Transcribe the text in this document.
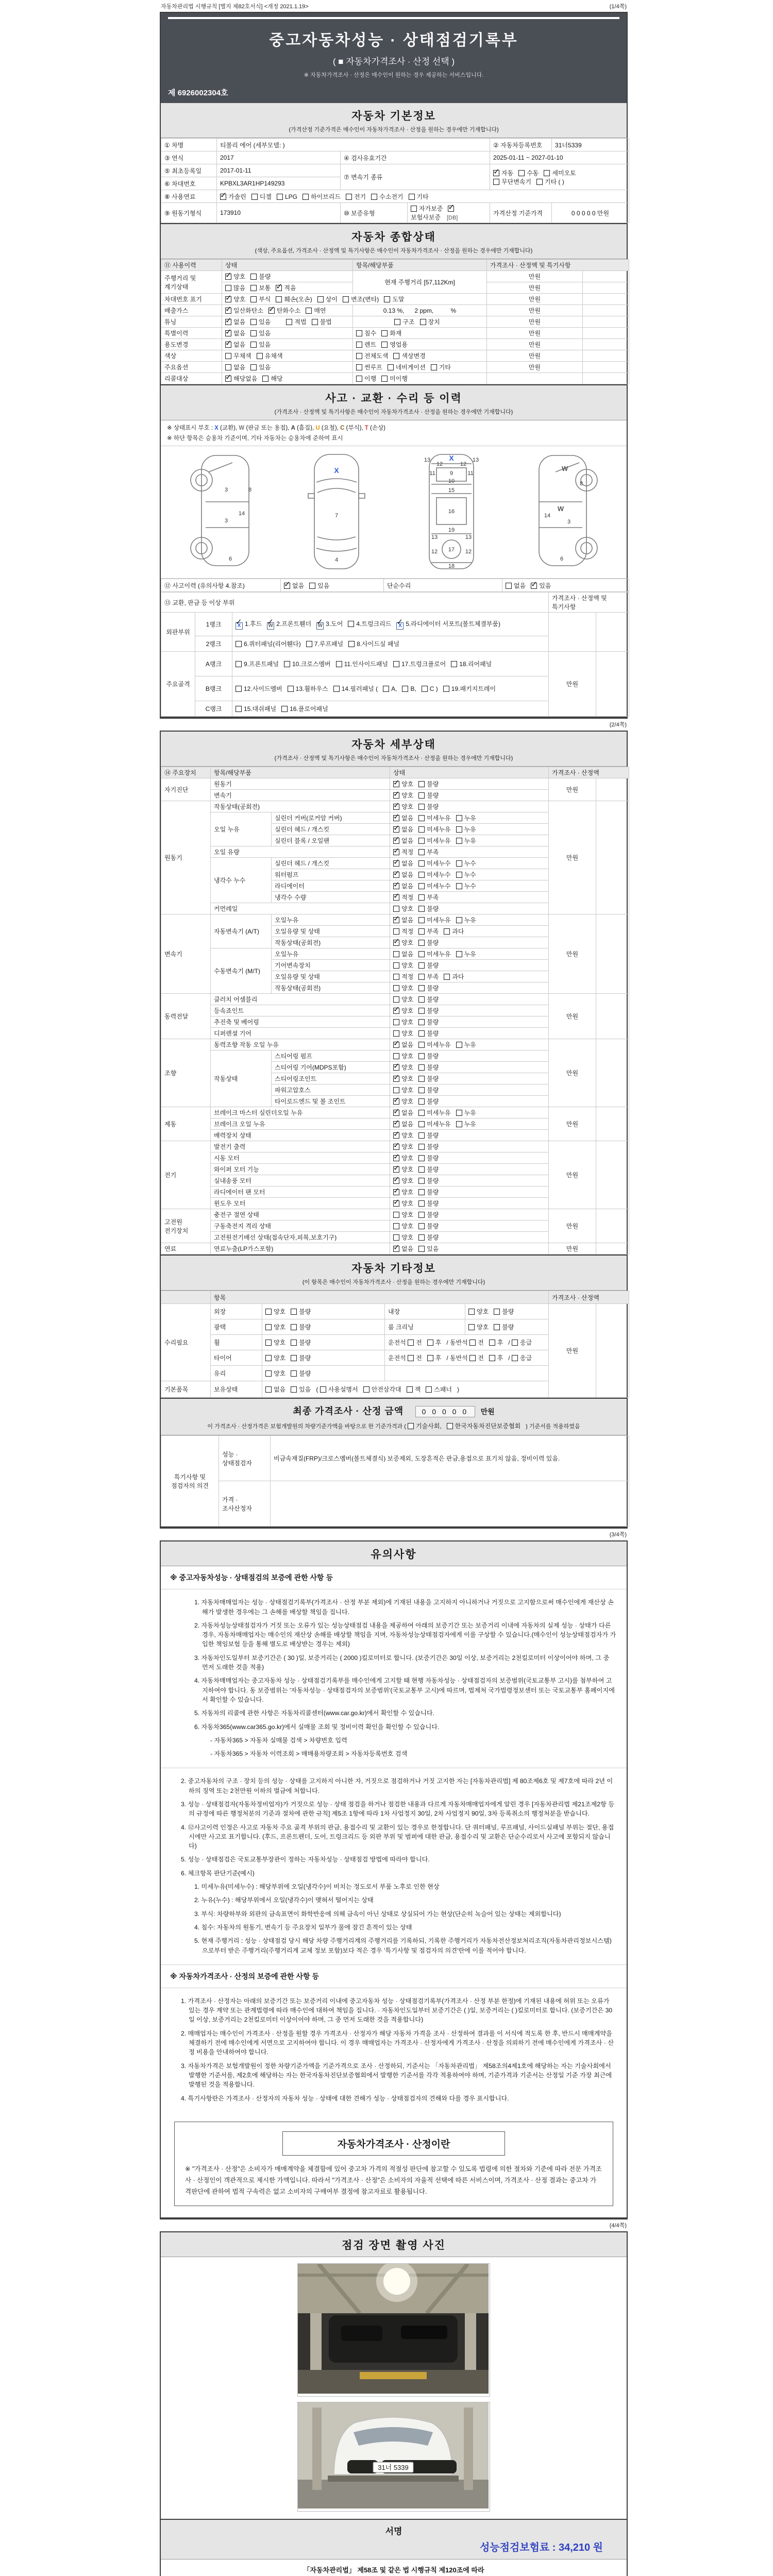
자동차관리법 시행규칙 [별지 제82호서식] <개정 2021.1.19>	(1/4쪽)
중고자동차성능 · 상태점검기록부
( ■ 자동차가격조사 · 산정 선택 )
※ 자동차가격조사 · 산정은 매수인이 원하는 경우 제공하는 서비스입니다.
제 6926002304호
자동차 기본정보
(가격산정 기준가격은 매수인이 자동차가격조사 · 산정을 원하는 경우에만 기재합니다)
① 차명	티볼리 에어 (세부모델: )			② 자동차등록번호	31너5339
③ 연식	2017	④ 검사유효기간		2025-01-11 ~ 2027-01-10	
⑤ 최초등록일	2017-01-11	⑦ 변속기 종류	
✓자동 수동 세미오토
무단변속기 기타 ( )

⑥ 차대번호	KPBXL3AR1HP149293				
⑧ 사용연료	✓가솔린 디젤 LPG 하이브리드 전기 수소전기 기타
⑨ 원동기형식	173910	⑩ 보증유형	자가보증✓보험사보증 [DB]	가격산정 기준가격	0 0 0 0 0 만원
자동차 종합상태
(색상, 주요옵션, 가격조사 · 산정액 및 특기사항은 매수인이 자동차가격조사 · 산정을 원하는 경우에만 기재합니다)
⑪ 사용이력	상태	항목/해당부품	가격조사 · 산정액 및 특기사항	
주행거리 및 계기상태	✓양호 불량	현재 주행거리 [57,112Km]	만원	
	많음 보통 ✓ 적음		만원	
차대번호 표기	✓양호 부식 훼손(오손) 상이 변조(변타) 도말		만원	
배출가스	✓일산화탄소 ✓ 탄화수소 매연	0.13 %,      2 ppm,          %	만원	
튜닝	✓없음 있음 적법 불법	구조 장치	만원	
특별이력	✓없음 있음	침수 화재	만원	
용도변경	✓없음 있음	렌트 영업용	만원	
색상	무채색 유채색	전체도색 색상변경	만원	
주요옵션	없음 있음	썬루프 네비게이션 기타	만원	
리콜대상	✓해당없음 해당	이행 미이행		
사고 · 교환 · 수리 등 이력
(가격조사 · 산정액 및 특기사항은 매수인이 자동차가격조사 · 산정을 원하는 경우에만 기재합니다)
※ 상태표시 부호 : X (교환), W (판금 또는 용접), A (흠집), U (요철), C (부식), T (손상)
※ 하단 항목은 승용차 기준이며, 기타 자동차는 승용차에 준하여 표시
8
3
14
3
6
X
7
4
X
13
12	12
13
9
11	11
10
15
16
19
13	13
12	12
17
18
W
8
W
14
3
6
⑫ 사고이력 (유의사항 4.참조)	✓없음 있음	단순수리	없음 ✓ 있음
⑬ 교환, 판금 등 이상 부위			가격조사 · 산정액 및 특기사항	
외판부위	1랭크	X ✓ 1.후드 W ✓ 2.프론트휀더 W ✓ 3.도어 4.트렁크리드 X ✓ 5.라디에이터 서포트(볼트체결부품)		
	2랭크	6.쿼터패널(리어휀다) 7.루프패널 8.사이드실 패널		
주요골격	A랭크	9.프론트패널 10.크로스멤버 11.인사이드패널 17.트렁크플로어 18.리어패널	만원	
	B랭크	12.사이드멤버 13.휠하우스 14.필러패널 ( A, B, C ) 19.패키지트레이		
	C랭크	15.대쉬패널 16.플로어패널		
(2/4쪽)
자동차 세부상태
(가격조사 · 산정액 및 특기사항은 매수인이 자동차가격조사 · 산정을 원하는 경우에만 기재합니다)
⑭ 주요장치	항목/해당부품		상태	가격조사 · 산정액	
자기진단	원동기	✓양호 불량	만원	
	변속기	✓양호 불량
원동기	작동상태(공회전)	✓양호 불량	만원	
	오일 누유	실린더 커버(로커암 커버)	✓없음 미세누유 누유
		실린더 헤드 / 개스킷	✓없음 미세누유 누유
		실린더 블록 / 오일팬	✓없음 미세누유 누유
	오일 유량	✓적정 부족
	냉각수 누수	실린더 헤드 / 개스킷	✓없음 미세누수 누수
		워터펌프	✓없음 미세누수 누수
		라디에이터	✓없음 미세누수 누수
		냉각수 수량	✓적정 부족
	커먼레일		양호 불량		
변속기	자동변속기 (A/T)	오일누유	✓없음 미세누유 누유	만원	
		오일유량 및 상태	적정 부족 과다		
		작동상태(공회전)	✓양호 불량
	수동변속기 (M/T)	오일누유	없음 미세누유 누유		
		기어변속장치	양호 불량		
		오일유량 및 상태	적정 부족 과다		
		작동상태(공회전)	양호 불량		
동력전달	클러치 어셈블리		양호 불량	만원	
	등속죠인트	✓양호 불량
	추진축 및 베어링		양호 불량		
	디퍼렌셜 기어		양호 불량		
조향	동력조향 작동 오일 누유	✓없음 미세누유 누유	만원	
	작동상태	스티어링 펌프	양호 불량		
		스티어링 기어(MDPS포함)	✓양호 불량
		스티어링조인트	✓양호 불량
		파워고압호스	양호 불량		
		타이로드엔드 및 볼 조인트	✓양호 불량
제동	브레이크 마스터 실린더오일 누유	✓없음 미세누유 누유	만원	
	브레이크 오일 누유	✓없음 미세누유 누유
	배력장치 상태	✓양호 불량
전기	발전기 출력	✓양호 불량	만원	
	시동 모터	✓양호 불량
	와이퍼 모터 기능	✓양호 불량
	실내송풍 모터	✓양호 불량
	라디에이터 팬 모터	✓양호 불량
	윈도우 모터	✓양호 불량
고전원 전기장치	충전구 절연 상태		양호 불량	만원	
	구동축전지 격리 상태		양호 불량		
	고전원전기배선 상태(접속단자,피복,보호기구)		양호 불량		
연료	연료누출(LP가스포함)	✓없음 있음	만원	
자동차 기타정보
(이 항목은 매수인이 자동차가격조사 · 산정을 원하는 경우에만 기재합니다)
	항목				가격조사 · 산정액	
수리필요	외장	양호 불량	내장	양호 불량	만원	
	광택	양호 불량	룸 크리닝	양호 불량		
	휠	양호 불량	운전석 전 후 / 동반석 전 후 / 응급			
	타이어	양호 불량	운전석 전 후 / 동반석 전 후 / 응급			
	유리	양호 불량				
기본품목	보유상태	없음 있음 ( 사용설명서 안전삼각대 잭 스패너 )				
최종 가격조사 · 산정 금액	0 0 0 0 0 만원
이 가격조사 · 산정가격은 보험개발원의 차량기준가액을 바탕으로 한 기준가격과 ( 기술사회, 한국자동차진단보증협회 ) 기준서를 적용하였음
특기사항 및 점검자의 의견	성능 · 상태점검자	비금속재질(FRP)/크로스멤버(볼트체결식) 보증제외, 도장흔적은 판금,용접으로 표기치 않음, 정비이력 있음.
	가격 · 조사산정자	
(3/4쪽)
유의사항
※ 중고자동차성능 · 상태점검의 보증에 관한 사항 등
1. 자동차매매업자는 성능 · 상태점검기록부(가격조사 · 산정 부분 제외)에 기재된 내용을 고지하지 아니하거나 거짓으로 고지함으로써 매수인에게 재산상 손해가 발생한 경우에는 그 손해를 배상할 책임을 집니다.
2. 자동차성능상태점검자가 거짓 또는 오류가 있는 성능상태점검 내용을 제공하여 아래의 보증기간 또는 보증거리 이내에 자동차의 실제 성능 · 상태가 다른 경우, 자동차매매업자는 매수인의 재산상 손해를 배상할 책임을 지며, 자동차성능상태점검자에게 이를 구상할 수 있습니다.(매수인이 성능상태점검자가 가입한 책임보험 등을 통해 별도로 배상받는 경우는 제외)
3. 자동차인도일부터 보증기간은 ( 30 )일, 보증거리는 ( 2000 )킬로미터로 합니다. (보증기간은 30일 이상, 보증거리는 2천킬로미터 이상이어야 하며, 그 중 먼저 도래한 것을 적용)
4. 자동차매매업자는 중고자동차 성능 · 상태점검기록부를 매수인에게 고지할 때 현행 자동차성능 · 상태점검자의 보증범위(국토교통부 고시)를 첨부하여 고지하여야 합니다. 동 보증범위는 '자동차성능 · 상태점검자의 보증범위'(국토교통부 고시)에 따르며, 법제처 국가법령정보센터 또는 국토교통부 홈페이지에서 확인할 수 있습니다.
5. 자동차의 리콜에 관한 사항은 자동차리콜센터(www.car.go.kr)에서 확인할 수 있습니다.
6. 자동차365(www.car365.go.kr)에서 실매물 조회 및 정비이력 확인을 확인할 수 있습니다.
- 자동차365 > 자동차 실매물 검색 > 차량번호 입력
- 자동차365 > 자동차 이력조회 > 매매용차량조회 > 자동차등록번호 검색
2. 중고자동차의 구조 · 장치 등의 성능 · 상태를 고지하지 아니한 자, 거짓으로 점검하거나 거짓 고지한 자는 [자동차관리법] 제 80조제6호 및 제7호에 따라 2년 이하의 징역 또는 2천만원 이하의 벌금에 처합니다.
3. 성능 · 상태점검자(자동차정비업자)가 거짓으로 성능 · 상태 점검을 하거나 점검한 내용과 다르게 자동차매매업자에게 알린 경우 [자동차관리법 제21조제2항 등의 규정에 따른 행정처분의 기준과 절차에 관한 규칙] 제5조 1항에 따라 1차 사업정지 30일, 2차 사업정지 90일, 3차 등록취소의 행정처분을 받습니다.
4. ⑫사고이력 인정은 사고로 자동차 주요 골격 부위의 판금, 용접수리 및 교환이 있는 경우로 한정합니다. 단 쿼터패널, 루프패널, 사이드실패널 부위는 절단, 용접 시에만 사고로 표기합니다. (후드, 프론트펜더, 도어, 트렁크리드 등 외판 부위 및 범퍼에 대한 판금, 용접수리 및 교환은 단순수리로서 사고에 포함되지 않습니다)
5. 성능 · 상태점검은 국토교통부장관이 정하는 자동차성능 · 상태점검 방법에 따라야 합니다.
6. 체크항목 판단기준(예시)
1. 미세누유(미세누수) : 해당부위에 오일(냉각수)이 비치는 정도로서 부품 노후로 인한 현상
2. 누유(누수) : 해당부위에서 오일(냉각수)이 맺혀서 떨어지는 상태
3. 부식: 차량하부와 외판의 금속표면이 화학반응에 의해 금속이 아닌 상태로 상실되어 가는 현상(단순히 녹슬어 있는 상태는 제외합니다)
4. 침수: 자동차의 원동기, 변속기 등 주요장치 일부가 물에 잠긴 흔적이 있는 상태
5. 현재 주행거리 : 성능 · 상태점검 당시 해당 차량 주행거리계의 주행거리를 기록하되, 기록한 주행거리가 자동차전산정보처리조직(자동차관리정보시스템)으로부터 받은 주행거리(주행거리계 교체 정보 포함)보다 적은 경우 '특기사항 및 점검자의 의견'란에 이를 적어야 합니다.
※ 자동차가격조사 · 산정의 보증에 관한 사항 등
1. 가격조사 · 산정자는 아래의 보증기간 또는 보증거리 이내에 중고자동차 성능 · 상태점검기록부(가격조사 · 산정 부분 한정)에 기재된 내용에 허위 또는 오류가 있는 경우 계약 또는 관계법령에 따라 매수인에 대하여 책임을 집니다. · 자동차인도일부터 보증기간은 ( )일, 보증거리는 ( )킬로미터로 합니다. (보증기간은 30일 이상, 보증거리는 2천킬로미터 이상이어야 하며, 그 중 먼저 도래한 것을 적용합니다)
2. 매매업자는 매수인이 가격조사 · 산정을 원할 경우 가격조사 · 산정자가 해당 자동차 가격을 조사 · 산정하여 결과를 이 서식에 적도록 한 후, 반드시 매매계약을 체결하기 전에 매수인에게 서면으로 고지하여야 합니다. 이 경우 매매업자는 가격조사 · 산정자에게 가격조사 · 산정을 의뢰하기 전에 매수인에게 가격조사 · 산정 비용을 안내하여야 합니다.
3. 자동차가격은 보험개발원이 정한 차량기준가액을 기준가격으로 조사 · 산정하되, 기준서는 「자동차관리법」 제58조의4제1호에 해당하는 자는 기술사회에서 발행한 기준서를, 제2호에 해당하는 자는 한국자동차진단보증협회에서 발행한 기준서를 각각 적용하여야 하며, 기준가격과 기준서는 산정일 기준 가장 최근에 발행된 것을 적용합니다.
4. 특기사항란은 가격조사 · 산정자의 자동차 성능 · 상태에 대한 견해가 성능 · 상태점검자의 견해와 다를 경우 표시합니다.
자동차가격조사 · 산정이란
※ "가격조사 · 산정"은 소비자가 매매계약을 체결함에 있어 중고차 가격의 적절성 판단에 참고할 수 있도록 법령에 의한 절차와 기준에 따라 전문 가격조사 · 산정인이 객관적으로 제시한 가액입니다. 따라서 "가격조사 · 산정"은 소비자의 자율적 선택에 따른 서비스이며, 가격조사 · 산정 결과는 중고차 가격판단에 관하여 법적 구속력은 없고 소비자의 구매여부 결정에 참고자료로 활용됩니다.
(4/4쪽)
점검 장면 촬영 사진
31너 5339
서명
성능점검보험료 : 34,210 원
「자동차관리법」 제58조 및 같은 법 시행규칙 제120조에 따라
